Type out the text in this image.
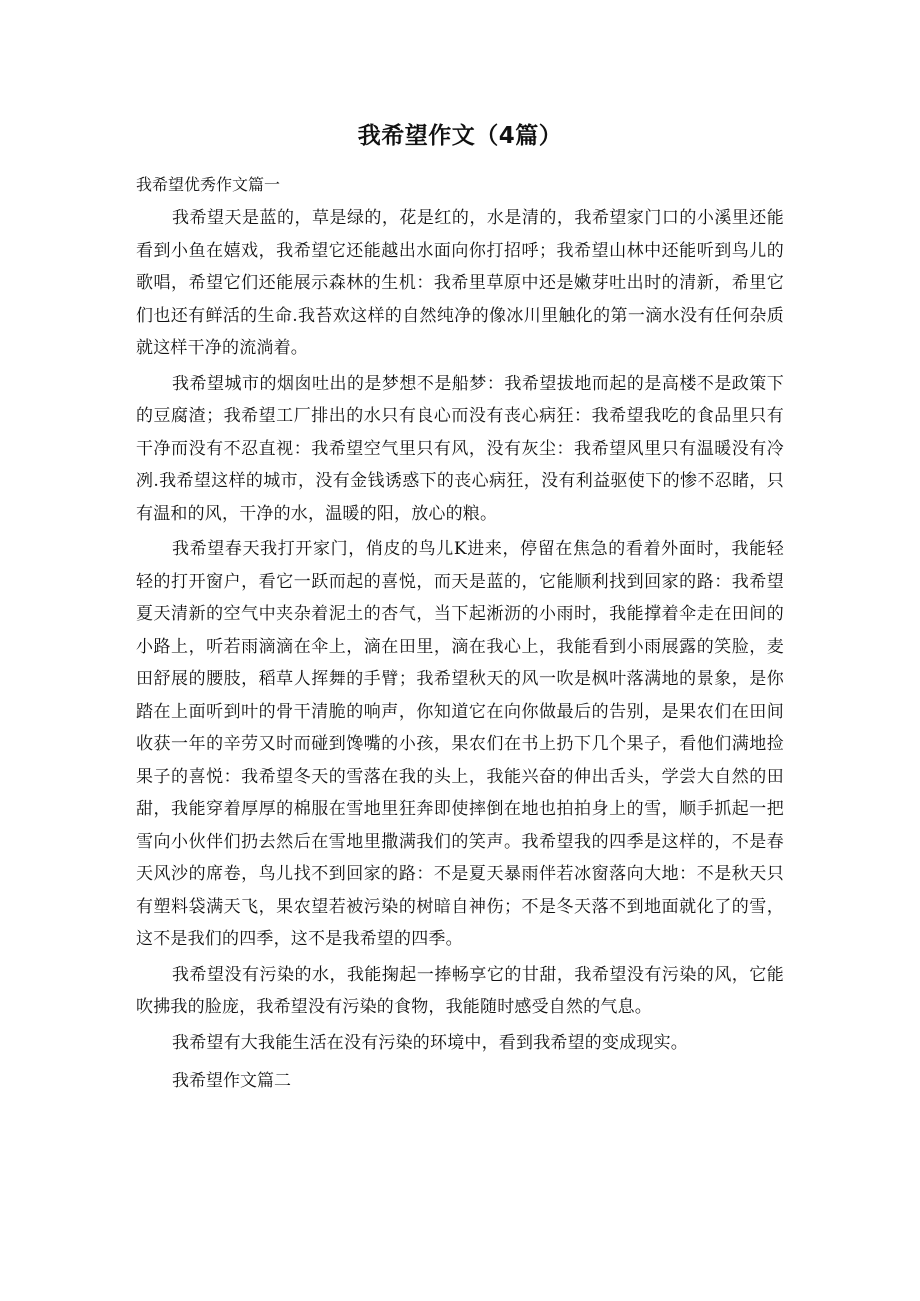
我希望作文（4篇）

我希望优秀作文篇一

我希望天是蓝的，草是绿的，花是红的，水是清的，我希望家门口的小溪里还能看到小鱼在嬉戏，我希望它还能越出水面向你打招呼；我希望山林中还能听到鸟儿的歌唱，希望它们还能展示森林的生机：我希里草原中还是嫩芽吐出时的清新，希里它们也还有鲜活的生命.我苔欢这样的自然纯净的像冰川里触化的第一滴水没有任何杂质就这样干净的流淌着。

我希望城市的烟囱吐出的是梦想不是船梦：我希望拔地而起的是高楼不是政策下的豆腐渣；我希望工厂排出的水只有良心而没有丧心病狂：我希望我吃的食品里只有干净而没有不忍直视：我希望空气里只有风，没有灰尘：我希望风里只有温暖没有冷冽.我希望这样的城市，没有金钱诱惑下的丧心病狂，没有利益驱使下的惨不忍睹，只有温和的风，干净的水，温暖的阳，放心的粮。

我希望春天我打开家门，俏皮的鸟儿K进来，停留在焦急的看着外面时，我能轻轻的打开窗户，看它一跃而起的喜悦，而天是蓝的，它能顺利找到回家的路：我希望夏天清新的空气中夹杂着泥土的杏气，当下起淅沥的小雨时，我能撑着伞走在田间的小路上，听若雨滴滴在伞上，滴在田里，滴在我心上，我能看到小雨展露的笑脸，麦田舒展的腰肢，稻草人挥舞的手臂；我希望秋天的风一吹是枫叶落满地的景象，是你踏在上面听到叶的骨干清脆的响声，你知道它在向你做最后的告别，是果农们在田间收获一年的辛劳又时而碰到馋嘴的小孩，果农们在书上扔下几个果子，看他们满地捡果子的喜悦：我希望冬天的雪落在我的头上，我能兴奋的伸出舌头，学尝大自然的田甜，我能穿着厚厚的棉服在雪地里狂奔即使摔倒在地也拍拍身上的雪，顺手抓起一把雪向小伙伴们扔去然后在雪地里撒满我们的笑声。我希望我的四季是这样的，不是春天风沙的席卷，鸟儿找不到回家的路：不是夏天暴雨伴若冰窗落向大地：不是秋天只有塑料袋满天飞，果农望若被污染的树暗自神伤；不是冬天落不到地面就化了的雪，这不是我们的四季，这不是我希望的四季。

我希望没有污染的水，我能掬起一捧畅享它的甘甜，我希望没有污染的风，它能吹拂我的脸庞，我希望没有污染的食物，我能随时感受自然的气息。

我希望有大我能生活在没有污染的环境中，看到我希望的变成现实。

我希望作文篇二
